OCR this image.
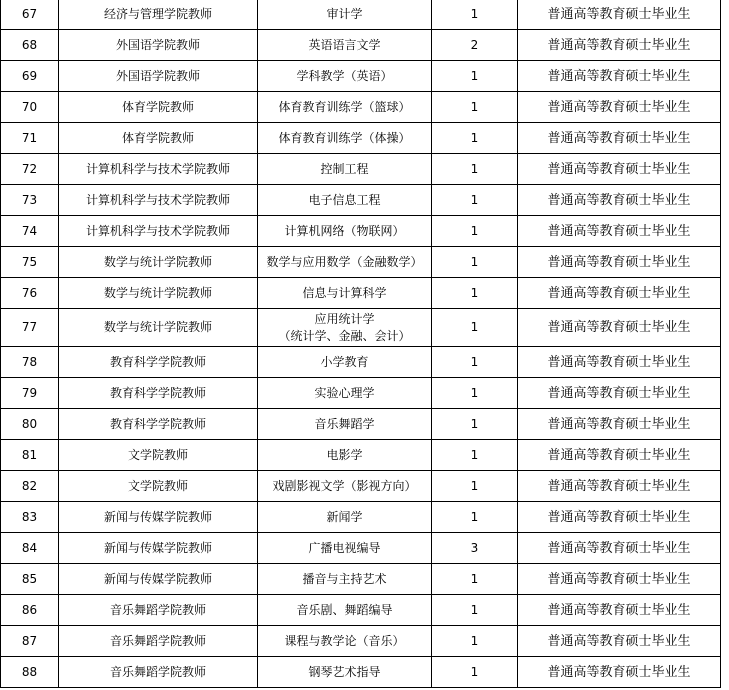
67	经济与管理学院教师	审计学	1	普通高等教育硕士毕业生
68	外国语学院教师	英语语言文学	2	普通高等教育硕士毕业生
69	外国语学院教师	学科教学（英语）	1	普通高等教育硕士毕业生
70	体育学院教师	体育教育训练学（篮球）	1	普通高等教育硕士毕业生
71	体育学院教师	体育教育训练学（体操）	1	普通高等教育硕士毕业生
72	计算机科学与技术学院教师	控制工程	1	普通高等教育硕士毕业生
73	计算机科学与技术学院教师	电子信息工程	1	普通高等教育硕士毕业生
74	计算机科学与技术学院教师	计算机网络（物联网）	1	普通高等教育硕士毕业生
75	数学与统计学院教师	数学与应用数学（金融数学）	1	普通高等教育硕士毕业生
76	数学与统计学院教师	信息与计算科学	1	普通高等教育硕士毕业生
77	数学与统计学院教师	应用统计学
（统计学、金融、会计）	1	普通高等教育硕士毕业生
78	教育科学学院教师	小学教育	1	普通高等教育硕士毕业生
79	教育科学学院教师	实验心理学	1	普通高等教育硕士毕业生
80	教育科学学院教师	音乐舞蹈学	1	普通高等教育硕士毕业生
81	文学院教师	电影学	1	普通高等教育硕士毕业生
82	文学院教师	戏剧影视文学（影视方向）	1	普通高等教育硕士毕业生
83	新闻与传媒学院教师	新闻学	1	普通高等教育硕士毕业生
84	新闻与传媒学院教师	广播电视编导	3	普通高等教育硕士毕业生
85	新闻与传媒学院教师	播音与主持艺术	1	普通高等教育硕士毕业生
86	音乐舞蹈学院教师	音乐剧、舞蹈编导	1	普通高等教育硕士毕业生
87	音乐舞蹈学院教师	课程与教学论（音乐）	1	普通高等教育硕士毕业生
88	音乐舞蹈学院教师	钢琴艺术指导	1	普通高等教育硕士毕业生
